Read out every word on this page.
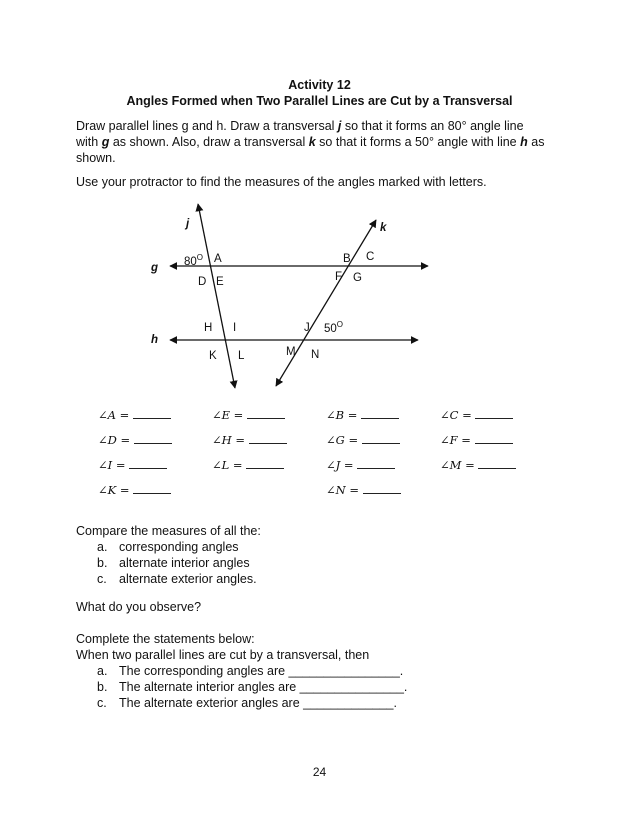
Activity 12
Angles Formed when Two Parallel Lines are Cut by a Transversal
Draw parallel lines g and h. Draw a transversal j so that it forms an 80° angle line with g as shown. Also, draw a transversal k so that it forms a 50° angle with line h as shown.
Use your protractor to find the measures of the angles marked with letters.
j	k
g
h
$80^O$ A
D E
B C
F G
H I	J $50^O$
K L	M N
∠A =	∠E =	∠B =	∠C =
∠D =	∠H =	∠G =	∠F =
∠I =	∠L =	∠J =	∠M =
∠K =	∠N =
Compare the measures of all the:
a. corresponding angles
b. alternate interior angles
c. alternate exterior angles.
What do you observe?
Complete the statements below:
When two parallel lines are cut by a transversal, then
a. The corresponding angles are ________________.
b. The alternate interior angles are _______________.
c. The alternate exterior angles are _____________.
24
